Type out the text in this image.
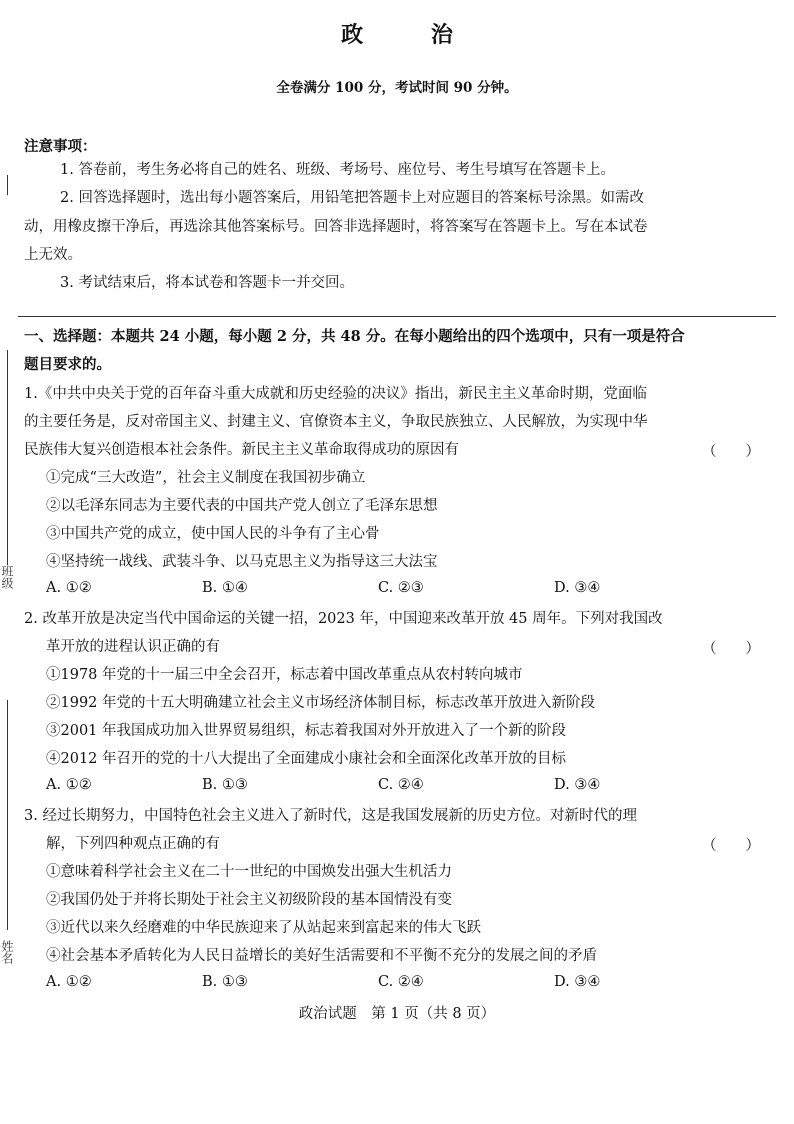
班级
姓名
政 治
全卷满分 100 分，考试时间 90 分钟。
注意事项：
1. 答卷前，考生务必将自己的姓名、班级、考场号、座位号、考生号填写在答题卡上。
2. 回答选择题时，选出每小题答案后，用铅笔把答题卡上对应题目的答案标号涂黑。如需改
动，用橡皮擦干净后，再选涂其他答案标号。回答非选择题时，将答案写在答题卡上。写在本试卷
上无效。
3. 考试结束后，将本试卷和答题卡一并交回。
一、选择题：本题共 24 小题，每小题 2 分，共 48 分。在每小题给出的四个选项中，只有一项是符合
题目要求的。
1.《中共中央关于党的百年奋斗重大成就和历史经验的决议》指出，新民主主义革命时期，党面临
的主要任务是，反对帝国主义、封建主义、官僚资本主义，争取民族独立、人民解放，为实现中华
民族伟大复兴创造根本社会条件。新民主主义革命取得成功的原因有	（　　）
①完成“三大改造”，社会主义制度在我国初步确立
②以毛泽东同志为主要代表的中国共产党人创立了毛泽东思想
③中国共产党的成立，使中国人民的斗争有了主心骨
④坚持统一战线、武装斗争、以马克思主义为指导这三大法宝
A. ①②	B. ①④	C. ②③	D. ③④
2. 改革开放是决定当代中国命运的关键一招，2023 年，中国迎来改革开放 45 周年。下列对我国改
革开放的进程认识正确的有	（　　）
①1978 年党的十一届三中全会召开，标志着中国改革重点从农村转向城市
②1992 年党的十五大明确建立社会主义市场经济体制目标，标志改革开放进入新阶段
③2001 年我国成功加入世界贸易组织，标志着我国对外开放进入了一个新的阶段
④2012 年召开的党的十八大提出了全面建成小康社会和全面深化改革开放的目标
A. ①②	B. ①③	C. ②④	D. ③④
3. 经过长期努力，中国特色社会主义进入了新时代，这是我国发展新的历史方位。对新时代的理
解，下列四种观点正确的有	（　　）
①意味着科学社会主义在二十一世纪的中国焕发出强大生机活力
②我国仍处于并将长期处于社会主义初级阶段的基本国情没有变
③近代以来久经磨难的中华民族迎来了从站起来到富起来的伟大飞跃
④社会基本矛盾转化为人民日益增长的美好生活需要和不平衡不充分的发展之间的矛盾
A. ①②	B. ①③	C. ②④	D. ③④
政治试题　第 1 页（共 8 页）
